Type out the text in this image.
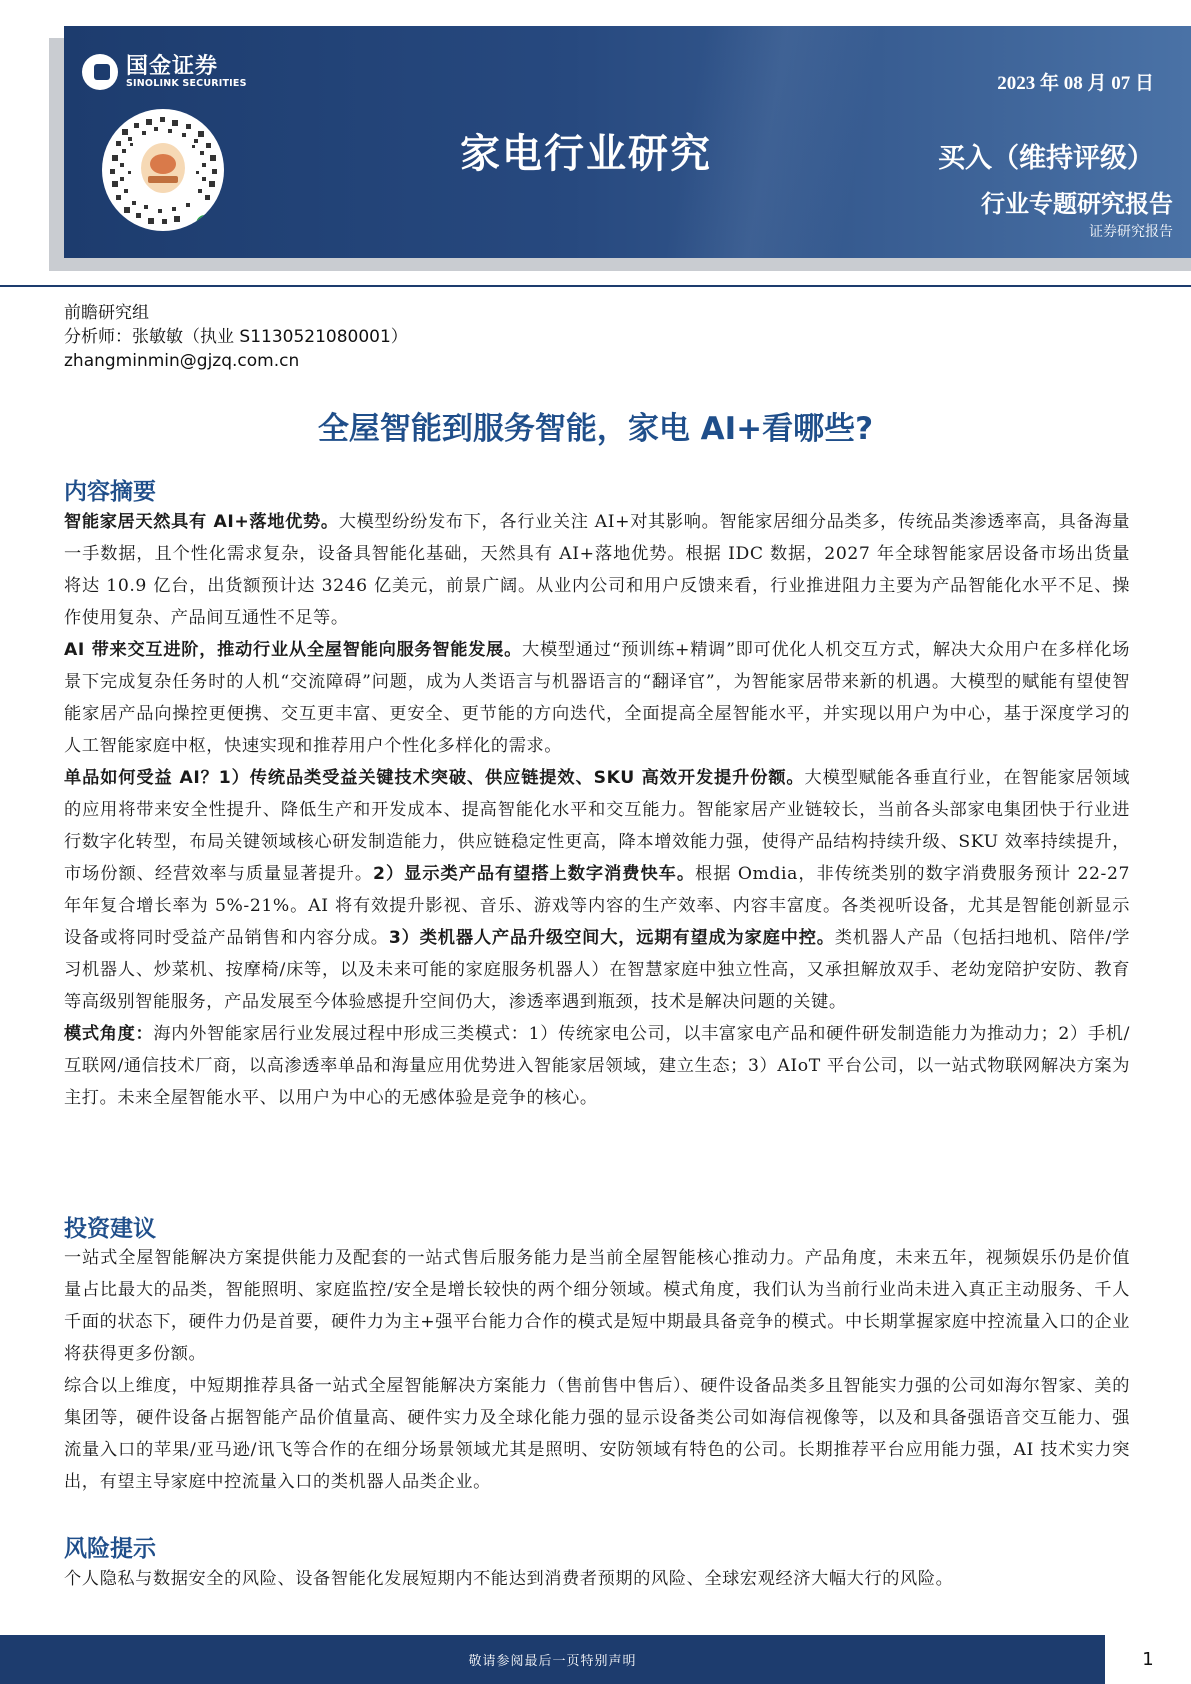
国金证券
SINOLINK SECURITIES	2023 年 08 月 07 日
家电行业研究	买入（维持评级）
行业专题研究报告
证券研究报告
前瞻研究组
分析师：张敏敏（执业 S1130521080001）
zhangminmin@gjzq.com.cn
全屋智能到服务智能，家电 AI+看哪些?
内容摘要

智能家居天然具有 AI+落地优势。大模型纷纷发布下，各行业关注 AI+对其影响。智能家居细分品类多，传统品类渗透率高，具备海量一手数据，且个性化需求复杂，设备具智能化基础，天然具有 AI+落地优势。根据 IDC 数据，2027 年全球智能家居设备市场出货量将达 10.9 亿台，出货额预计达 3246 亿美元，前景广阔。从业内公司和用户反馈来看，行业推进阻力主要为产品智能化水平不足、操作使用复杂、产品间互通性不足等。

AI 带来交互进阶，推动行业从全屋智能向服务智能发展。大模型通过“预训练+精调”即可优化人机交互方式，解决大众用户在多样化场景下完成复杂任务时的人机“交流障碍”问题，成为人类语言与机器语言的“翻译官”，为智能家居带来新的机遇。大模型的赋能有望使智能家居产品向操控更便携、交互更丰富、更安全、更节能的方向迭代，全面提高全屋智能水平，并实现以用户为中心，基于深度学习的人工智能家庭中枢，快速实现和推荐用户个性化多样化的需求。

单品如何受益 AI？1）传统品类受益关键技术突破、供应链提效、SKU 高效开发提升份额。大模型赋能各垂直行业，在智能家居领域的应用将带来安全性提升、降低生产和开发成本、提高智能化水平和交互能力。智能家居产业链较长，当前各头部家电集团快于行业进行数字化转型，布局关键领域核心研发制造能力，供应链稳定性更高，降本增效能力强，使得产品结构持续升级、SKU 效率持续提升，市场份额、经营效率与质量显著提升。2）显示类产品有望搭上数字消费快车。根据 Omdia，非传统类别的数字消费服务预计 22-27 年年复合增长率为 5%-21%。AI 将有效提升影视、音乐、游戏等内容的生产效率、内容丰富度。各类视听设备，尤其是智能创新显示设备或将同时受益产品销售和内容分成。3）类机器人产品升级空间大，远期有望成为家庭中控。类机器人产品（包括扫地机、陪伴/学习机器人、炒菜机、按摩椅/床等，以及未来可能的家庭服务机器人）在智慧家庭中独立性高，又承担解放双手、老幼宠陪护安防、教育等高级别智能服务，产品发展至今体验感提升空间仍大，渗透率遇到瓶颈，技术是解决问题的关键。

模式角度：海内外智能家居行业发展过程中形成三类模式：1）传统家电公司，以丰富家电产品和硬件研发制造能力为推动力；2）手机/互联网/通信技术厂商，以高渗透率单品和海量应用优势进入智能家居领域，建立生态；3）AIoT 平台公司，以一站式物联网解决方案为主打。未来全屋智能水平、以用户为中心的无感体验是竞争的核心。

投资建议

一站式全屋智能解决方案提供能力及配套的一站式售后服务能力是当前全屋智能核心推动力。产品角度，未来五年，视频娱乐仍是价值量占比最大的品类，智能照明、家庭监控/安全是增长较快的两个细分领域。模式角度，我们认为当前行业尚未进入真正主动服务、千人千面的状态下，硬件力仍是首要，硬件力为主+强平台能力合作的模式是短中期最具备竞争的模式。中长期掌握家庭中控流量入口的企业将获得更多份额。

综合以上维度，中短期推荐具备一站式全屋智能解决方案能力（售前售中售后）、硬件设备品类多且智能实力强的公司如海尔智家、美的集团等，硬件设备占据智能产品价值量高、硬件实力及全球化能力强的显示设备类公司如海信视像等，以及和具备强语音交互能力、强流量入口的苹果/亚马逊/讯飞等合作的在细分场景领域尤其是照明、安防领域有特色的公司。长期推荐平台应用能力强，AI 技术实力突出，有望主导家庭中控流量入口的类机器人品类企业。

风险提示

个人隐私与数据安全的风险、设备智能化发展短期内不能达到消费者预期的风险、全球宏观经济大幅大行的风险。

敬请参阅最后一页特别声明	1
